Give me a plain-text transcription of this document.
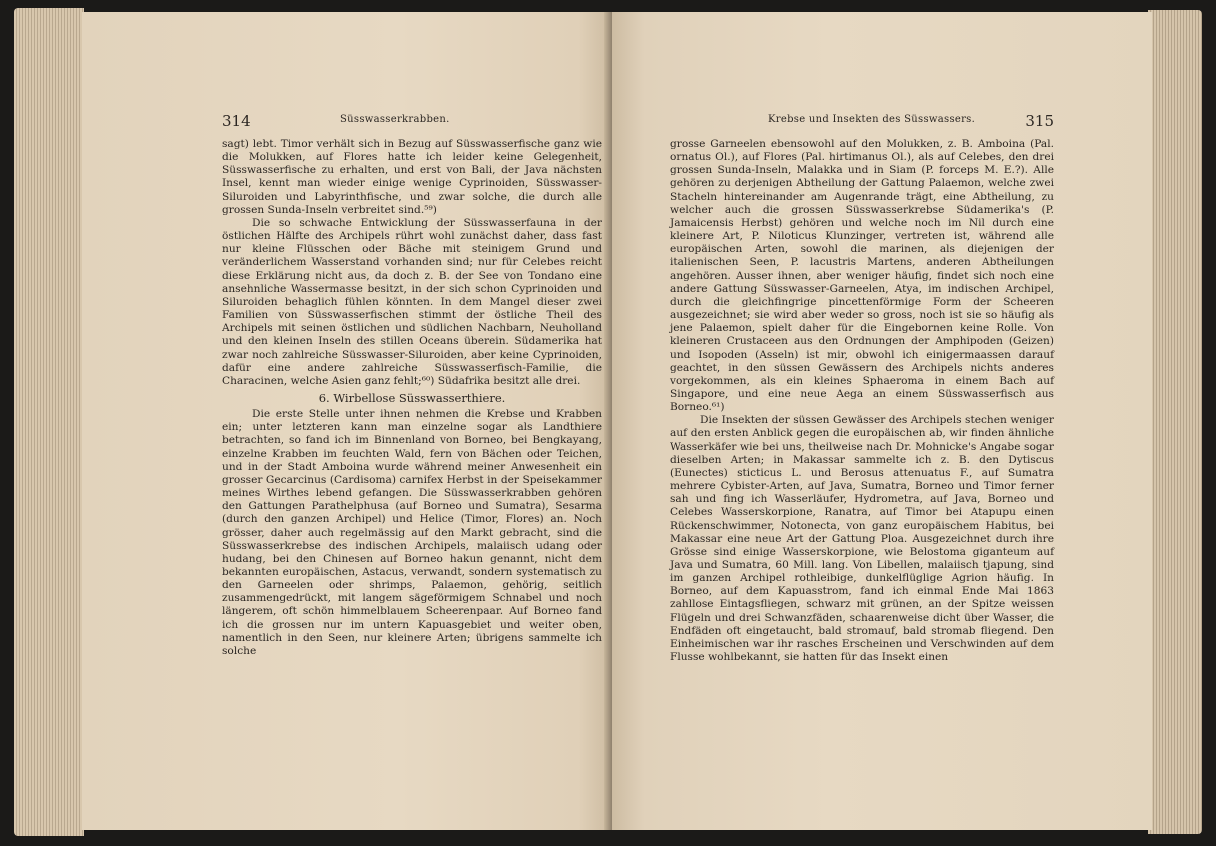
314	Süsswasserkrabben.

sagt) lebt. Timor verhält sich in Bezug auf Süsswasserfische ganz wie die Molukken, auf Flores hatte ich leider keine Gelegenheit, Süsswasserfische zu erhalten, und erst von Bali, der Java nächsten Insel, kennt man wieder einige wenige Cyprinoiden, Süsswasser-Siluroiden und Labyrinthfische, und zwar solche, die durch alle grossen Sunda-Inseln verbreitet sind.⁵⁹)

Die so schwache Entwicklung der Süsswasserfauna in der östlichen Hälfte des Archipels rührt wohl zunächst daher, dass fast nur kleine Flüsschen oder Bäche mit steinigem Grund und veränderlichem Wasserstand vorhanden sind; nur für Celebes reicht diese Erklärung nicht aus, da doch z. B. der See von Tondano eine ansehnliche Wassermasse besitzt, in der sich schon Cyprinoiden und Siluroiden behaglich fühlen könnten. In dem Mangel dieser zwei Familien von Süsswasserfischen stimmt der östliche Theil des Archipels mit seinen östlichen und südlichen Nachbarn, Neuholland und den kleinen Inseln des stillen Oceans überein. Südamerika hat zwar noch zahlreiche Süsswasser-Siluroiden, aber keine Cyprinoiden, dafür eine andere zahlreiche Süsswasserfisch-Familie, die Characinen, welche Asien ganz fehlt;⁶⁰) Südafrika besitzt alle drei.

6. Wirbellose Süsswasserthiere.

Die erste Stelle unter ihnen nehmen die Krebse und Krabben ein; unter letzteren kann man einzelne sogar als Landthiere betrachten, so fand ich im Binnenland von Borneo, bei Bengkayang, einzelne Krabben im feuchten Wald, fern von Bächen oder Teichen, und in der Stadt Amboina wurde während meiner Anwesenheit ein grosser Gecarcinus (Cardisoma) carnifex Herbst in der Speisekammer meines Wirthes lebend gefangen. Die Süsswasserkrabben gehören den Gattungen Parathelphusa (auf Borneo und Sumatra), Sesarma (durch den ganzen Archipel) und Helice (Timor, Flores) an. Noch grösser, daher auch regelmässig auf den Markt gebracht, sind die Süsswasserkrebse des indischen Archipels, malaiisch udang oder hudang, bei den Chinesen auf Borneo hakun genannt, nicht dem bekannten europäischen, Astacus, verwandt, sondern systematisch zu den Garneelen oder shrimps, Palaemon, gehörig, seitlich zusammengedrückt, mit langem sägeförmigem Schnabel und noch längerem, oft schön himmelblauem Scheerenpaar. Auf Borneo fand ich die grossen nur im untern Kapuasgebiet und weiter oben, namentlich in den Seen, nur kleinere Arten; übrigens sammelte ich solche

Krebse und Insekten des Süsswassers.	315

grosse Garneelen ebensowohl auf den Molukken, z. B. Amboina (Pal. ornatus Ol.), auf Flores (Pal. hirtimanus Ol.), als auf Celebes, den drei grossen Sunda-Inseln, Malakka und in Siam (P. forceps M. E.?). Alle gehören zu derjenigen Abtheilung der Gattung Palaemon, welche zwei Stacheln hintereinander am Augenrande trägt, eine Abtheilung, zu welcher auch die grossen Süsswasserkrebse Südamerika's (P. Jamaicensis Herbst) gehören und welche noch im Nil durch eine kleinere Art, P. Niloticus Klunzinger, vertreten ist, während alle europäischen Arten, sowohl die marinen, als diejenigen der italienischen Seen, P. lacustris Martens, anderen Abtheilungen angehören. Ausser ihnen, aber weniger häufig, findet sich noch eine andere Gattung Süsswasser-Garneelen, Atya, im indischen Archipel, durch die gleichfingrige pincettenförmige Form der Scheeren ausgezeichnet; sie wird aber weder so gross, noch ist sie so häufig als jene Palaemon, spielt daher für die Eingebornen keine Rolle. Von kleineren Crustaceen aus den Ordnungen der Amphipoden (Geizen) und Isopoden (Asseln) ist mir, obwohl ich einigermaassen darauf geachtet, in den süssen Gewässern des Archipels nichts anderes vorgekommen, als ein kleines Sphaeroma in einem Bach auf Singapore, und eine neue Aega an einem Süsswasserfisch aus Borneo.⁶¹)

Die Insekten der süssen Gewässer des Archipels stechen weniger auf den ersten Anblick gegen die europäischen ab, wir finden ähnliche Wasserkäfer wie bei uns, theilweise nach Dr. Mohnicke's Angabe sogar dieselben Arten; in Makassar sammelte ich z. B. den Dytiscus (Eunectes) sticticus L. und Berosus attenuatus F., auf Sumatra mehrere Cybister-Arten, auf Java, Sumatra, Borneo und Timor ferner sah und fing ich Wasserläufer, Hydrometra, auf Java, Borneo und Celebes Wasserskorpione, Ranatra, auf Timor bei Atapupu einen Rückenschwimmer, Notonecta, von ganz europäischem Habitus, bei Makassar eine neue Art der Gattung Ploa. Ausgezeichnet durch ihre Grösse sind einige Wasserskorpione, wie Belostoma giganteum auf Java und Sumatra, 60 Mill. lang. Von Libellen, malaiisch tjapung, sind im ganzen Archipel rothleibige, dunkelflüglige Agrion häufig. In Borneo, auf dem Kapuasstrom, fand ich einmal Ende Mai 1863 zahllose Eintagsfliegen, schwarz mit grünen, an der Spitze weissen Flügeln und drei Schwanzfäden, schaarenweise dicht über Wasser, die Endfäden oft eingetaucht, bald stromauf, bald stromab fliegend. Den Einheimischen war ihr rasches Erscheinen und Verschwinden auf dem Flusse wohlbekannt, sie hatten für das Insekt einen
